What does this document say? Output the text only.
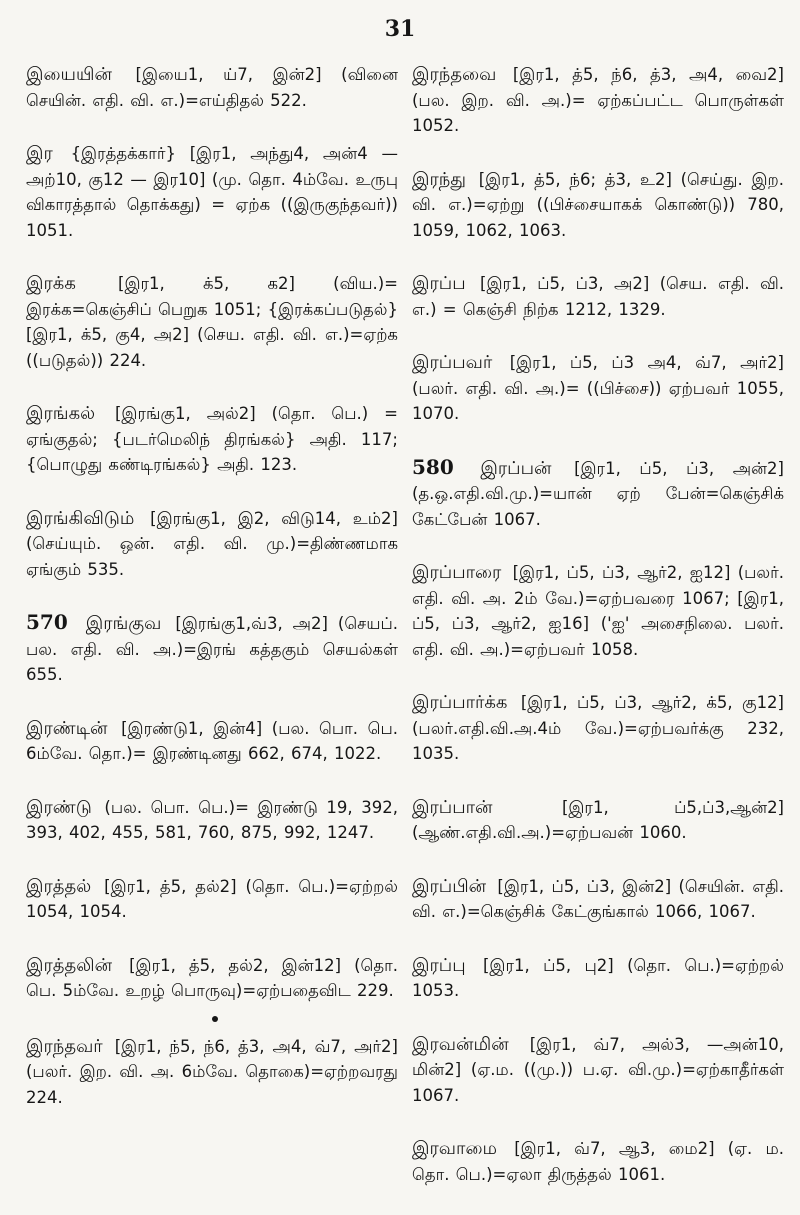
31
இயையின் [இயை1, ய்7, இன்2] (வினை செயின். எதி. வி. எ.)=எய்திதல் 522.
இர {இரத்தக்கார்} [இர1, அந்து4, அன்4 — அற்10, கு12 — இர10] (மு. தொ. 4ம்வே. உருபு விகாரத்தால் தொக்கது) = ஏற்க ((இருகுந்தவர்)) 1051.
இரக்க	[இர1, க்5, க2] (விய.)= இரக்க=கெஞ்சிப் பெறுக 1051; {இரக்கப்படுதல்} [இர1, க்5, கு4, அ2] (செய. எதி. வி. எ.)=ஏற்க ((படுதல்)) 224.
இரங்கல் [இரங்கு1, அல்2] (தொ. பெ.) = ஏங்குதல்; {படர்மெலிந் திரங்கல்} அதி. 117; {பொழுது கண்டிரங்கல்} அதி. 123.
இரங்கிவிடும் [இரங்கு1, இ2, விடு14, உம்2] (செய்யும். ஒன். எதி. வி. மு.)=திண்ணமாக ஏங்கும் 535.
570 இரங்குவ [இரங்கு1,வ்3, அ2] (செயப். பல. எதி. வி. அ.)=இரங் கத்தகும் செயல்கள் 655.
இரண்டின் [இரண்டு1, இன்4] (பல. பொ. பெ. 6ம்வே. தொ.)= இரண்டினது 662, 674, 1022.
இரண்டு (பல. பொ. பெ.)= இரண்டு 19, 392, 393, 402, 455, 581, 760, 875, 992, 1247.
இரத்தல் [இர1, த்5, தல்2] (தொ. பெ.)=ஏற்றல் 1054, 1054.
இரத்தலின் [இர1, த்5, தல்2, இன்12] (தொ. பெ. 5ம்வே. உறழ் பொருவு)=ஏற்பதைவிட 229.
இரந்தவர் [இர1, ந்5, ந்6, த்3, அ4, வ்7, அர்2] (பலர். இற. வி. அ. 6ம்வே. தொகை)=ஏற்றவரது 224.
இரந்தவை [இர1, த்5, ந்6, த்3, அ4, வை2] (பல. இற. வி. அ.)= ஏற்கப்பட்ட பொருள்கள் 1052.
இரந்து [இர1, த்5, ந்6; த்3, உ2] (செய்து. இற. வி. எ.)=ஏற்று ((பிச்சையாகக் கொண்டு)) 780, 1059, 1062, 1063.
இரப்ப [இர1, ப்5, ப்3, அ2] (செய. எதி. வி. எ.) = கெஞ்சி நிற்க 1212, 1329.
இரப்பவர் [இர1, ப்5, ப்3 அ4, வ்7, அர்2] (பலர். எதி. வி. அ.)= ((பிச்சை)) ஏற்பவர் 1055, 1070.
580 இரப்பன் [இர1, ப்5, ப்3, அன்2] (த.ஒ.எதி.வி.மு.)=யான் ஏற் பேன்=கெஞ்சிக் கேட்பேன் 1067.
இரப்பாரை [இர1, ப்5, ப்3, ஆர்2, ஐ12] (பலர். எதி. வி. அ. 2ம் வே.)=ஏற்பவரை 1067; [இர1, ப்5, ப்3, ஆர்2, ஐ16] ('ஐ' அசைநிலை. பலர். எதி. வி. அ.)=ஏற்பவர் 1058.
இரப்பார்க்க [இர1, ப்5, ப்3, ஆர்2, க்5, கு12] (பலர்.எதி.வி.அ.4ம் வே.)=ஏற்பவர்க்கு 232, 1035.
இரப்பான்	[இர1, ப்5,ப்3,ஆன்2] (ஆண்.எதி.வி.அ.)=ஏற்பவன் 1060.
இரப்பின் [இர1, ப்5, ப்3, இன்2] (செயின். எதி. வி. எ.)=கெஞ்சிக் கேட்குங்கால் 1066, 1067.
இரப்பு [இர1, ப்5, பு2] (தொ. பெ.)=ஏற்றல் 1053.
இரவன்மின் [இர1, வ்7, அல்3, —அன்10, மின்2] (ஏ.ம. ((மு.)) ப.ஏ. வி.மு.)=ஏற்காதீர்கள் 1067.
இரவாமை [இர1, வ்7, ஆ3, மை2] (ஏ. ம. தொ. பெ.)=ஏலா திருத்தல் 1061.
